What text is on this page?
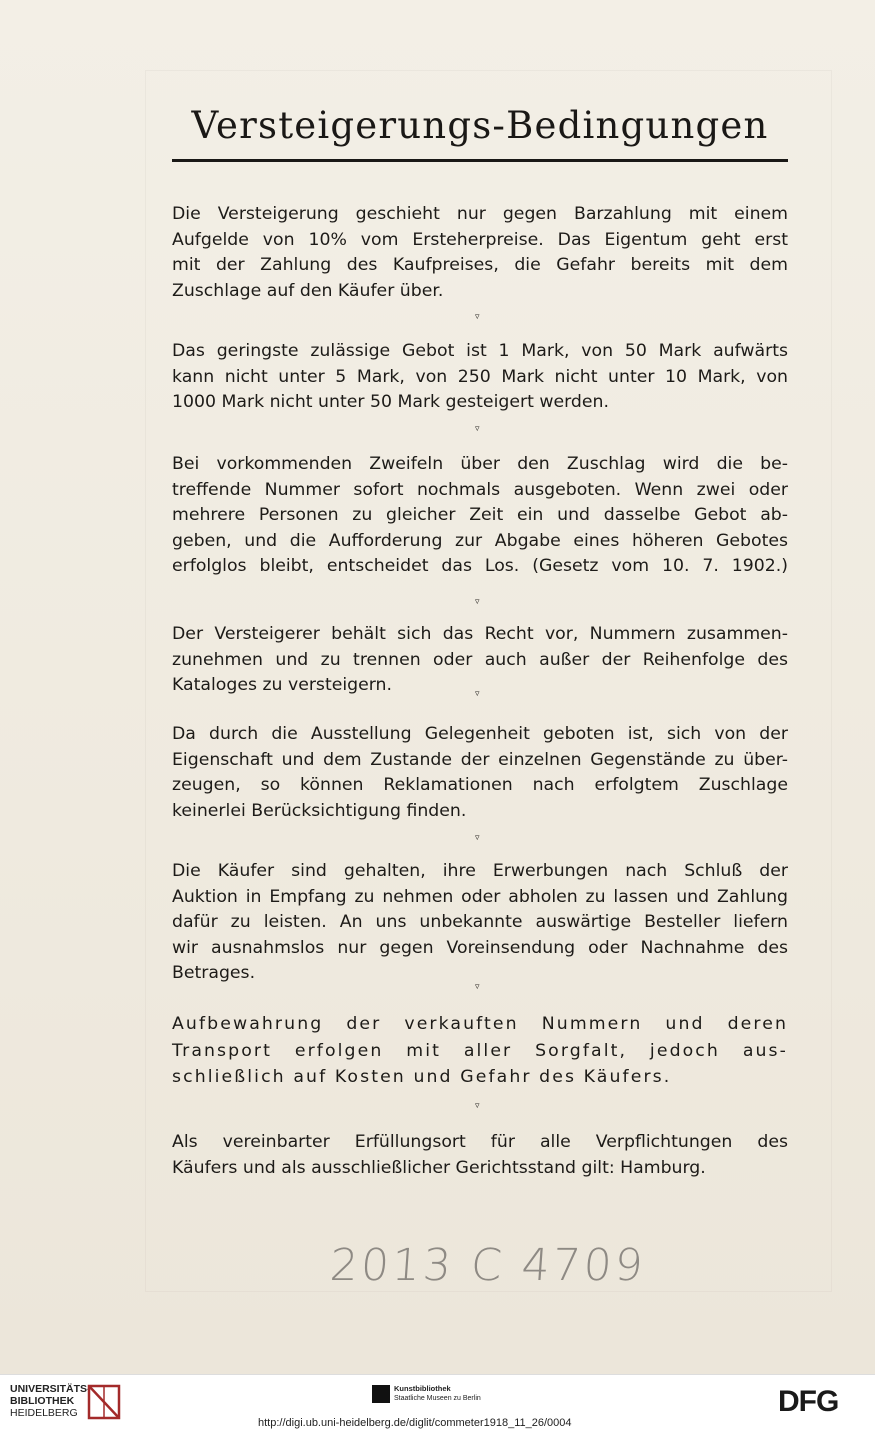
Versteigerungs-Bedingungen
Die Versteigerung geschieht nur gegen Barzahlung mit einem
Aufgelde von 10% vom Ersteherpreise. Das Eigentum geht erst
mit der Zahlung des Kaufpreises, die Gefahr bereits mit dem
Zuschlage auf den Käufer über.
▿
Das geringste zulässige Gebot ist 1 Mark, von 50 Mark aufwärts
kann nicht unter 5 Mark, von 250 Mark nicht unter 10 Mark, von
1000 Mark nicht unter 50 Mark gesteigert werden.
▿
Bei vorkommenden Zweifeln über den Zuschlag wird die be-
treffende Nummer sofort nochmals ausgeboten. Wenn zwei oder
mehrere Personen zu gleicher Zeit ein und dasselbe Gebot ab-
geben, und die Aufforderung zur Abgabe eines höheren Gebotes
erfolglos bleibt, entscheidet das Los. (Gesetz vom 10. 7. 1902.)
▿
Der Versteigerer behält sich das Recht vor, Nummern zusammen-
zunehmen und zu trennen oder auch außer der Reihenfolge des
Kataloges zu versteigern.	▿
Da durch die Ausstellung Gelegenheit geboten ist, sich von der
Eigenschaft und dem Zustande der einzelnen Gegenstände zu über-
zeugen, so können Reklamationen nach erfolgtem Zuschlage
keinerlei Berücksichtigung finden.
▿
Die Käufer sind gehalten, ihre Erwerbungen nach Schluß der
Auktion in Empfang zu nehmen oder abholen zu lassen und Zahlung
dafür zu leisten. An uns unbekannte auswärtige Besteller liefern
wir ausnahmslos nur gegen Voreinsendung oder Nachnahme des
Betrages.
▿
Aufbewahrung der verkauften Nummern und deren
Transport erfolgen mit aller Sorgfalt, jedoch aus-
schließlich auf Kosten und Gefahr des Käufers.
▿
Als vereinbarter Erfüllungsort für alle Verpflichtungen des
Käufers und als ausschließlicher Gerichtsstand gilt: Hamburg.
2013 C 4709
UNIVERSITÄTS-
BIBLIOTHEK
HEIDELBERG
Kunstbibliothek
Staatliche Museen zu Berlin	DFG
http://digi.ub.uni-heidelberg.de/diglit/commeter1918_11_26/0004
